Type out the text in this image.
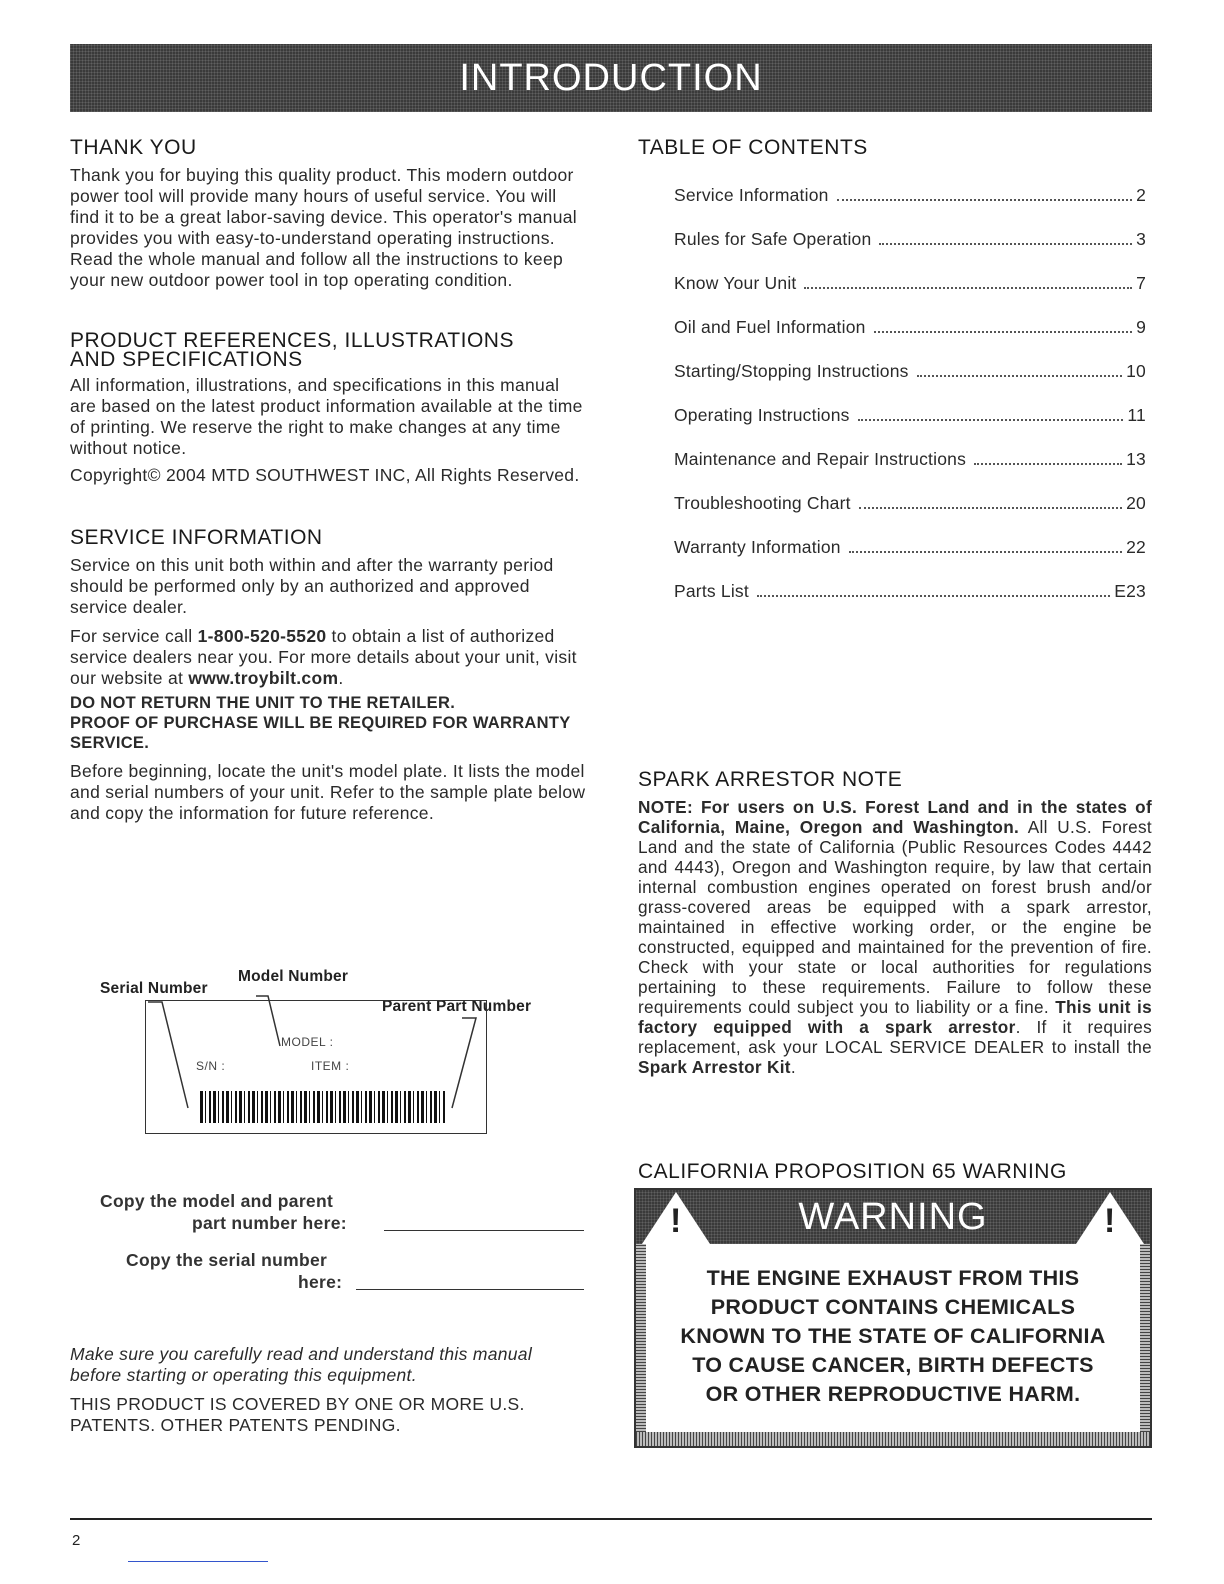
INTRODUCTION
THANK YOU

Thank you for buying this quality product. This modern outdoor power tool will provide many hours of useful service. You will find it to be a great labor-saving device. This operator's manual provides you with easy-to-understand operating instructions. Read the whole manual and follow all the instructions to keep your new outdoor power tool in top operating condition.

PRODUCT REFERENCES, ILLUSTRATIONS
AND SPECIFICATIONS

All information, illustrations, and specifications in this manual are based on the latest product information available at the time of printing. We reserve the right to make changes at any time without notice.

Copyright© 2004 MTD SOUTHWEST INC, All Rights Reserved.

SERVICE INFORMATION

Service on this unit both within and after the warranty period should be performed only by an authorized and approved service dealer.

For service call 1-800-520-5520 to obtain a list of authorized service dealers near you. For more details about your unit, visit our website at www.troybilt.com.

DO NOT RETURN THE UNIT TO THE RETAILER.
PROOF OF PURCHASE WILL BE REQUIRED FOR WARRANTY SERVICE.

Before beginning, locate the unit's model plate. It lists the model and serial numbers of your unit. Refer to the sample plate below and copy the information for future reference.

Serial Number
Model Number
Parent Part Number
MODEL :
S/N :	ITEM :
Copy the model and parent
part number here:
Copy the serial number
here:

Make sure you carefully read and understand this manual before starting or operating this equipment.

THIS PRODUCT IS COVERED BY ONE OR MORE U.S. PATENTS. OTHER PATENTS PENDING.

TABLE OF CONTENTS
Service Information	2
Rules for Safe Operation	3
Know Your Unit	7
Oil and Fuel Information	9
Starting/Stopping Instructions	10
Operating Instructions	11
Maintenance and Repair Instructions	13
Troubleshooting Chart	20
Warranty Information	22
Parts List	E23
SPARK ARRESTOR NOTE

NOTE: For users on U.S. Forest Land and in the states of California, Maine, Oregon and Washington. All U.S. Forest Land and the state of California (Public Resources Codes 4442 and 4443), Oregon and Washington require, by law that certain internal combustion engines operated on forest brush and/or grass-covered areas be equipped with a spark arrestor, maintained in effective working order, or the engine be constructed, equipped and maintained for the prevention of fire. Check with your state or local authorities for regulations pertaining to these requirements. Failure to follow these requirements could subject you to liability or a fine. This unit is factory equipped with a spark arrestor. If it requires replacement, ask your LOCAL SERVICE DEALER to install the Spark Arrestor Kit.

CALIFORNIA PROPOSITION 65 WARNING
WARNING
!	!
THE ENGINE EXHAUST FROM THIS
PRODUCT CONTAINS CHEMICALS
KNOWN TO THE STATE OF CALIFORNIA
TO CAUSE CANCER, BIRTH DEFECTS
OR OTHER REPRODUCTIVE HARM.
2
